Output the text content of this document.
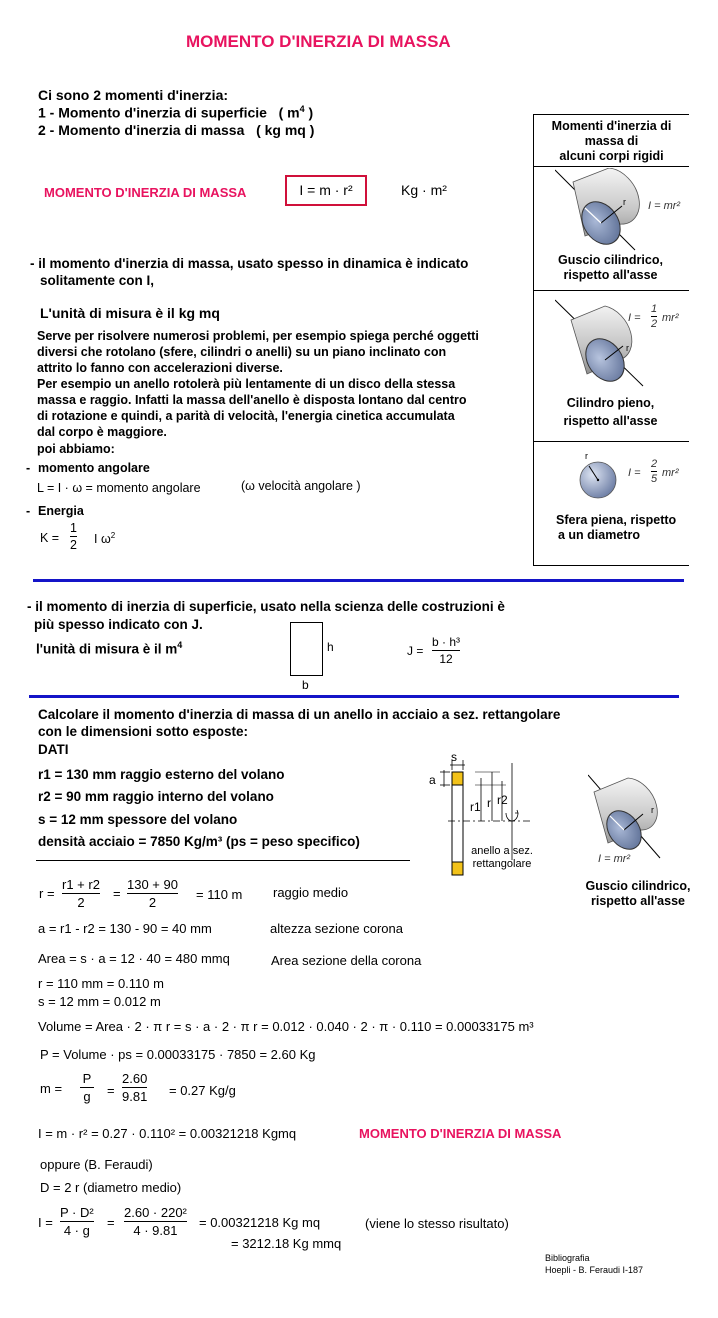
MOMENTO D'INERZIA DI MASSA
Ci sono 2 momenti d'inerzia:
1 - Momento d'inerzia di superficie ( $m^4$ )
2 - Momento d'inerzia di massa ( kg mq )
MOMENTO D'INERZIA DI MASSA	I = m · r²	Kg · m²
- il momento d'inerzia di massa, usato spesso in dinamica è indicato
solitamente con I,
L'unità di misura è il kg mq
Serve per risolvere numerosi problemi, per esempio spiega perché oggetti
diversi che rotolano (sfere, cilindri o anelli) su un piano inclinato con
attrito lo fanno con accelerazioni diverse.
Per esempio un anello rotolerà più lentamente di un disco della stessa
massa e raggio. Infatti la massa dell'anello è disposta lontano dal centro
di rotazione e quindi, a parità di velocità, l'energia cinetica accumulata
dal corpo è maggiore.
poi abbiamo:
- momento angolare
L = I · ω = momento angolare	(ω velocità angolare )
- Energia
K =
1
2 I $\omega^2$
Momenti d'inerzia di
massa di
alcuni corpi rigidi
r I = mr²
Guscio cilindrico,
rispetto all'asse
r
I =
1
2 mr²
Cilindro pieno,
rispetto all'asse
r
I =
2
5 mr²
Sfera piena, rispetto
a un diametro
- il momento di inerzia di superficie, usato nella scienza delle costruzioni è
più spesso indicato con J.
l'unità di misura è il $m^4$	h
b
J =
b · h³
12
Calcolare il momento d'inerzia di massa di un anello in acciaio a sez. rettangolare
con le dimensioni sotto esposte:
DATI
r1 = 130 mm raggio esterno del volano
r2 = 90 mm raggio interno del volano
s = 12 mm spessore del volano
densità acciaio = 7850 Kg/m³ (ps = peso specifico)
s
a
r1 r r2
anello a sez.
rettangolare
r
I = mr²
Guscio cilindrico,
rispetto all'asse
r =
r1 + r2
2
=
130 + 90
2
= 110 m raggio medio
a = r1 - r2 = 130 - 90 = 40 mm	altezza sezione corona
Area = s · a = 12 · 40 = 480 mmq	Area sezione della corona
r = 110 mm = 0.110 m
s = 12 mm = 0.012 m
Volume = Area · 2 · π r = s · a · 2 · π r = 0.012 · 0.040 · 2 · π · 0.110 = 0.00033175 m³
P = Volume · ps = 0.00033175 · 7850 = 2.60 Kg
m =
P
g =
2.60
9.81 = 0.27 Kg/g
I = m · r² = 0.27 · 0.110² = 0.00321218 Kgmq	MOMENTO D'INERZIA DI MASSA
oppure (B. Feraudi)
D = 2 r (diametro medio)
I =
P · D²
4 · g
=
2.60 · 220²
4 · 9.81
= 0.00321218 Kg mq	(viene lo stesso risultato)
= 3212.18 Kg mmq
Bibliografia
Hoepli - B. Feraudi I-187
